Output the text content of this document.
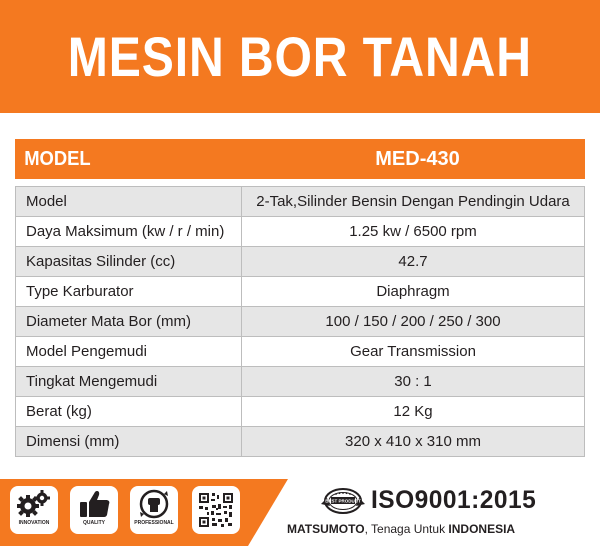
MESIN BOR TANAH
MODEL	MED-430
Model	2-Tak,Silinder Bensin Dengan Pendingin Udara
Daya Maksimum (kw / r / min)	1.25 kw / 6500 rpm
Kapasitas Silinder (cc)	42.7
Type Karburator	Diaphragm
Diameter Mata Bor (mm)	100 / 150 / 200 / 250 / 300
Model Pengemudi	Gear Transmission
Tingkat Mengemudi	30 : 1
Berat (kg)	12 Kg
Dimensi (mm)	320 x 410 x 310 mm
INNOVATION	QUALITY	PROFESSIONAL
BEST PRODUCT ISO9001:2015
MATSUMOTO, Tenaga Untuk INDONESIA
